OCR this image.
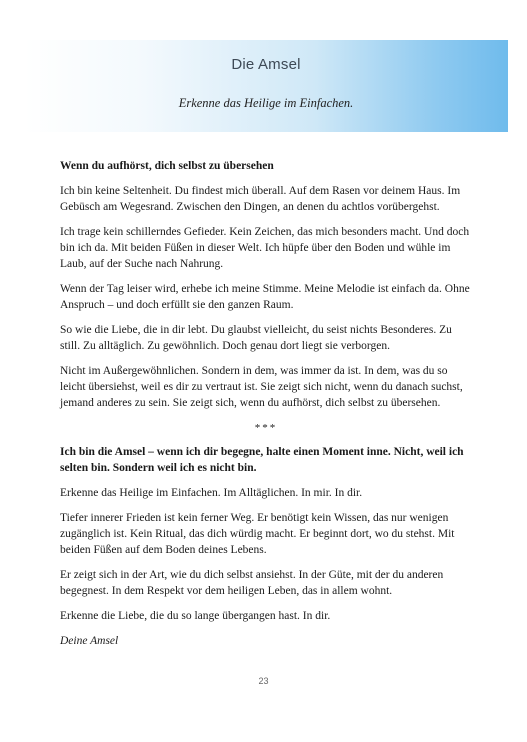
Die Amsel
Erkenne das Heilige im Einfachen.

Wenn du aufhörst, dich selbst zu übersehen

Ich bin keine Seltenheit. Du findest mich überall. Auf dem Rasen vor deinem Haus. Im Gebüsch am Wegesrand. Zwischen den Dingen, an denen du achtlos vorübergehst.

Ich trage kein schillerndes Gefieder. Kein Zeichen, das mich besonders macht. Und doch bin ich da. Mit beiden Füßen in dieser Welt. Ich hüpfe über den Boden und wühle im Laub, auf der Suche nach Nahrung.

Wenn der Tag leiser wird, erhebe ich meine Stimme. Meine Melodie ist einfach da. Ohne Anspruch – und doch erfüllt sie den ganzen Raum.

So wie die Liebe, die in dir lebt. Du glaubst vielleicht, du seist nichts Besonderes. Zu still. Zu alltäglich. Zu gewöhnlich. Doch genau dort liegt sie verborgen.

Nicht im Außergewöhnlichen. Sondern in dem, was immer da ist. In dem, was du so leicht übersiehst, weil es dir zu vertraut ist. Sie zeigt sich nicht, wenn du danach suchst, jemand anderes zu sein. Sie zeigt sich, wenn du aufhörst, dich selbst zu übersehen.

***

Ich bin die Amsel – wenn ich dir begegne, halte einen Moment inne. Nicht, weil ich selten bin. Sondern weil ich es nicht bin.

Erkenne das Heilige im Einfachen. Im Alltäglichen. In mir. In dir.

Tiefer innerer Frieden ist kein ferner Weg. Er benötigt kein Wissen, das nur wenigen zugänglich ist. Kein Ritual, das dich würdig macht. Er beginnt dort, wo du stehst. Mit beiden Füßen auf dem Boden deines Lebens.

Er zeigt sich in der Art, wie du dich selbst ansiehst. In der Güte, mit der du anderen begegnest. In dem Respekt vor dem heiligen Leben, das in allem wohnt.

Erkenne die Liebe, die du so lange übergangen hast. In dir.

Deine Amsel

23
